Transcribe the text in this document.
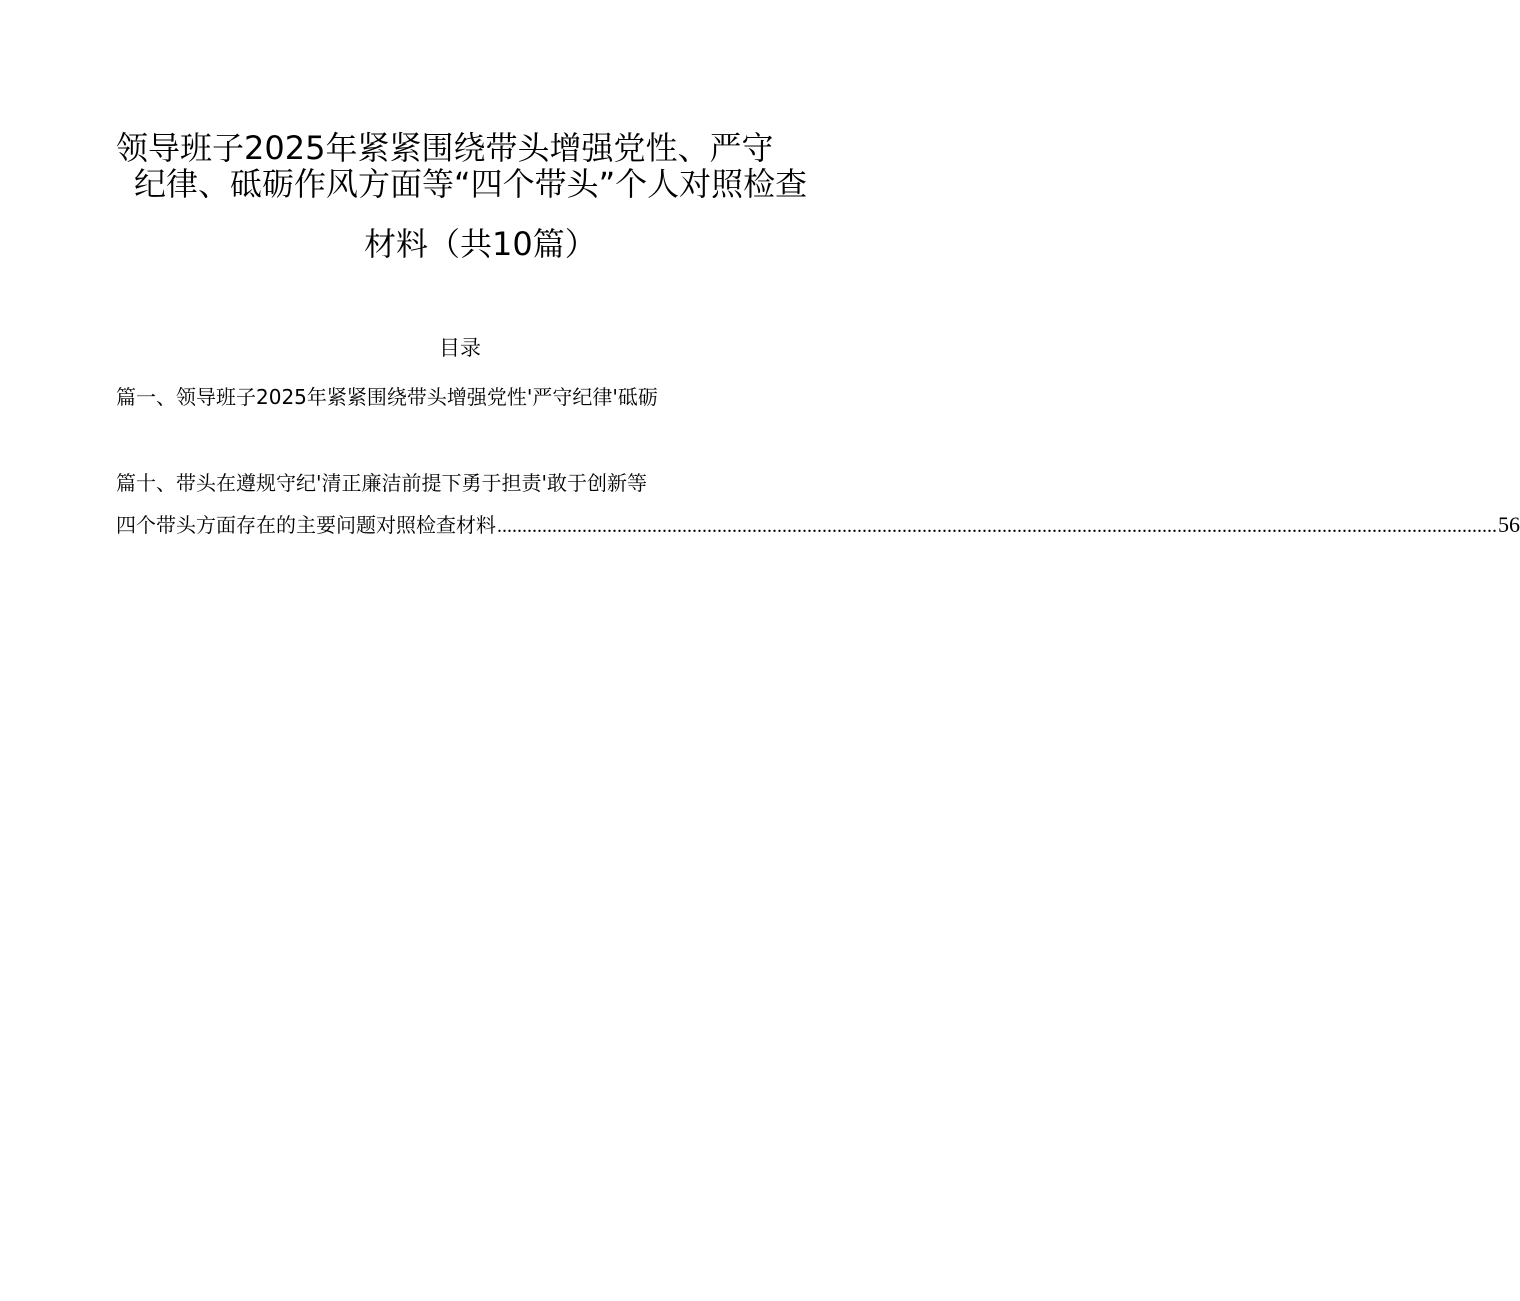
领导班子2025年紧紧围绕带头增强党性、严守
纪律、砥砺作风方面等“四个带头”个人对照检查
材料（共10篇）
目录
篇一、领导班子2025年紧紧围绕带头增强党性'严守纪律'砥砺
篇十、带头在遵规守纪'清正廉洁前提下勇于担责'敢于创新等
四个带头方面存在的主要问题对照检查材料 ........................................................................................................................................................................................................ 56
